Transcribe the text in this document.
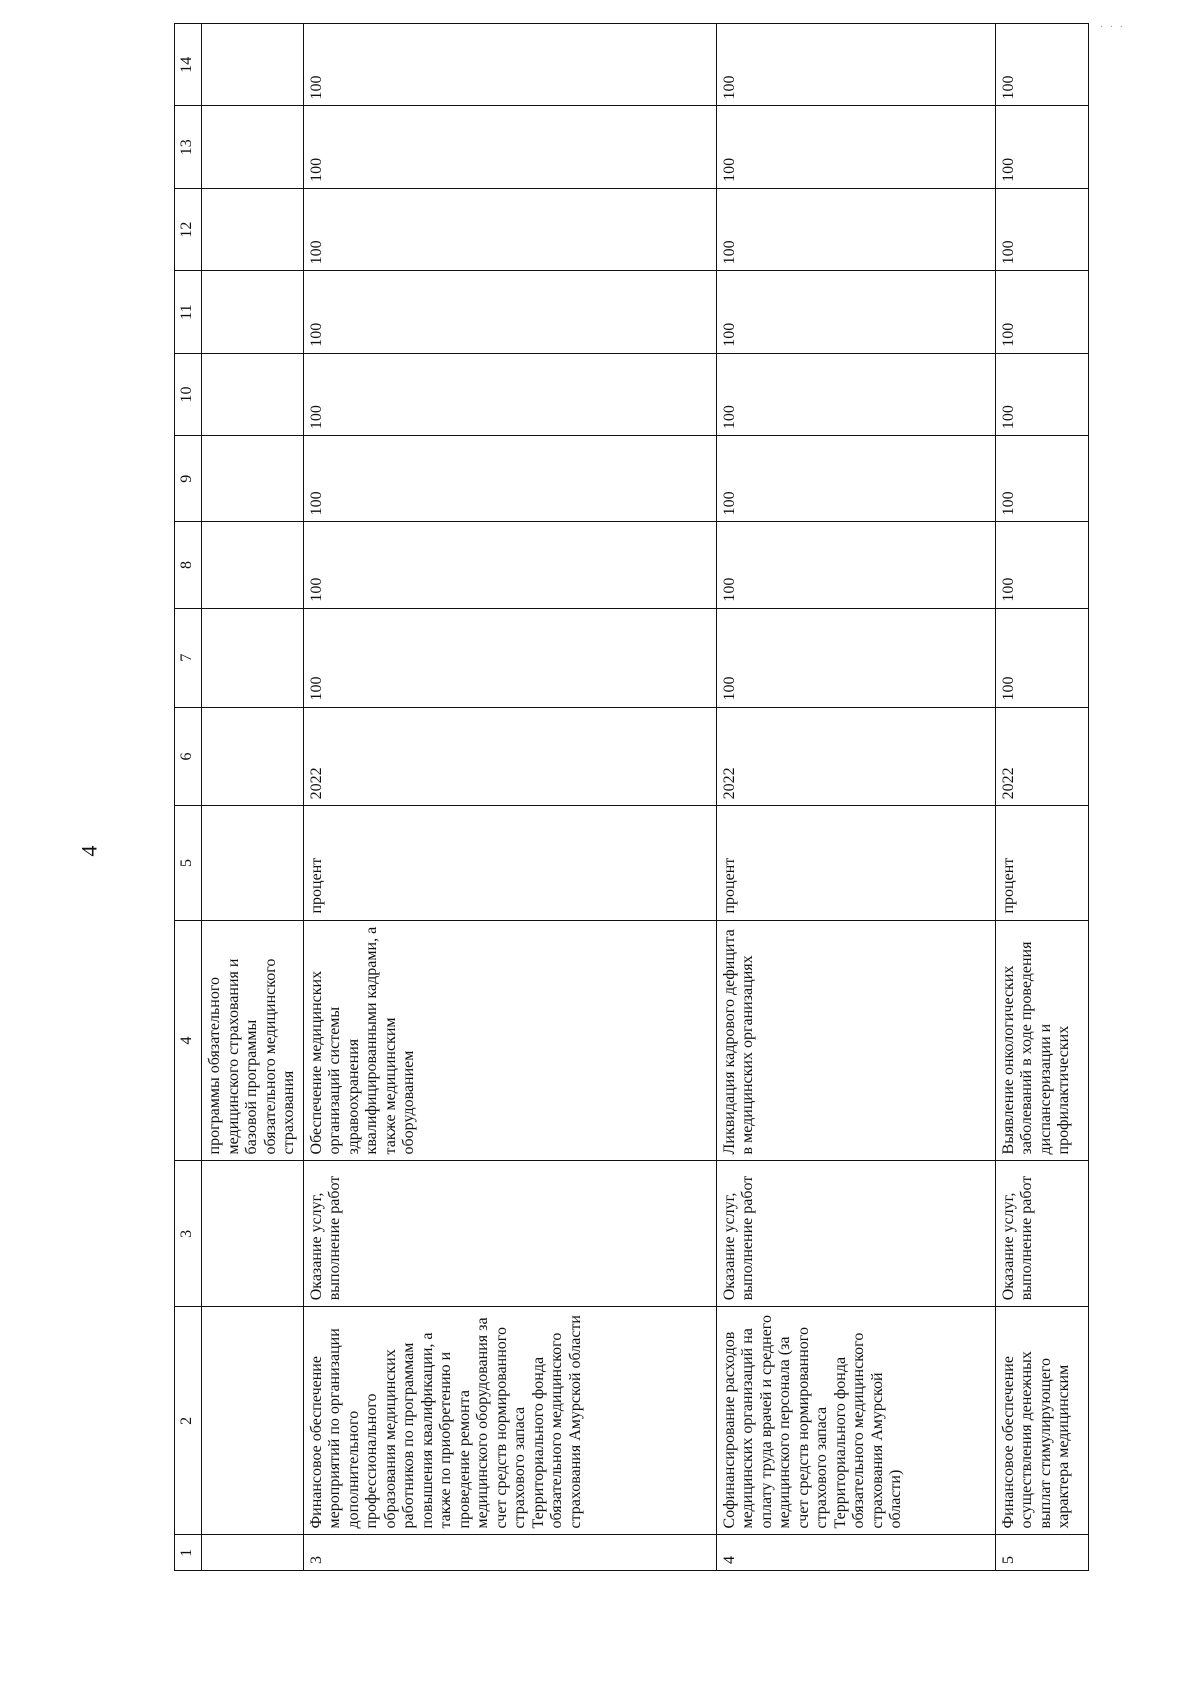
4
· · ·
1	2	3	4	5	6	7	8	9	10	11	12	13	14
			программы обязательного медицинского страхования и базовой программы обязательного медицинского страхования										
3	Финансовое обеспечение мероприятий по организации дополнительного профессионального образования медицинских работников по программам повышения квалификации, а также по приобретению и проведение ремонта медицинского оборудования за счет средств нормированного страхового запаса Территориального фонда обязательного медицинского страхования Амурской области	Оказание услуг, выполнение работ	Обеспечение медицинских организаций системы здравоохранения квалифицированными кадрами, а также медицинским оборудованием	процент	2022	100	100	100	100	100	100	100	100
4	Софинансирование расходов медицинских организаций на оплату труда врачей и среднего медицинского персонала (за счет средств нормированного страхового запаса Территориального фонда обязательного медицинского страхования Амурской области)	Оказание услуг, выполнение работ	Ликвидация кадрового дефицита в медицинских организациях	процент	2022	100	100	100	100	100	100	100	100
5	Финансовое обеспечение осуществления денежных выплат стимулирующего характера медицинским	Оказание услуг, выполнение работ	Выявление онкологических заболеваний в ходе проведения диспансеризации и профилактических	процент	2022	100	100	100	100	100	100	100	100
